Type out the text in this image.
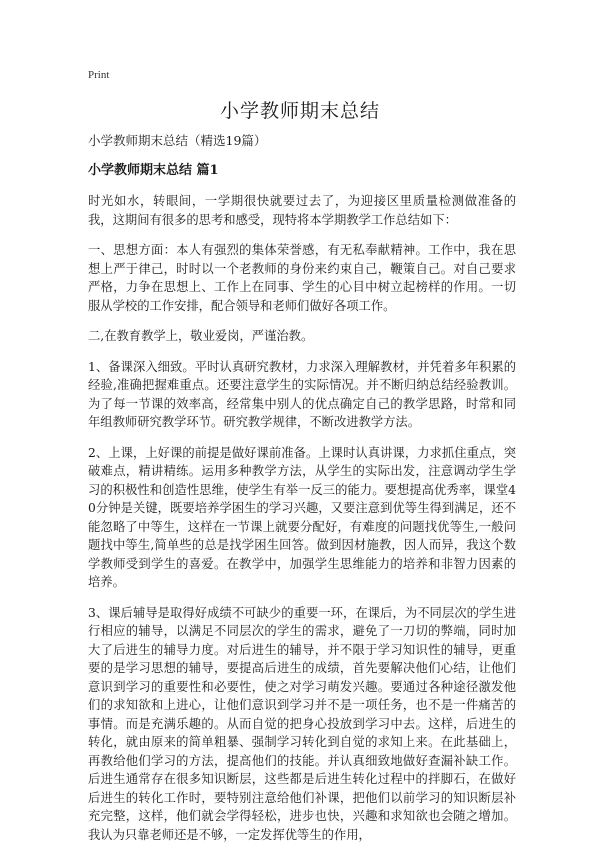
Print
小学教师期末总结

小学教师期末总结（精选19篇）

小学教师期末总结 篇1

时光如水，转眼间，一学期很快就要过去了，为迎接区里质量检测做准备的我，这期间有很多的思考和感受，现特将本学期教学工作总结如下：

一、思想方面：本人有强烈的集体荣誉感，有无私奉献精神。工作中，我在思想上严于律己，时时以一个老教师的身份来约束自己，鞭策自己。对自己要求严格，力争在思想上、工作上在同事、学生的心目中树立起榜样的作用。一切服从学校的工作安排，配合领导和老师们做好各项工作。

二,在教育教学上，敬业爱岗，严谨治教。

1、备课深入细致。平时认真研究教材，力求深入理解教材，并凭着多年积累的经验,准确把握难重点。还要注意学生的实际情况。并不断归纳总结经验教训。为了每一节课的效率高，经常集中别人的优点确定自己的教学思路，时常和同年组教师研究教学环节。研究教学规律，不断改进教学方法。

2、上课，上好课的前提是做好课前准备。上课时认真讲课，力求抓住重点，突破难点，精讲精练。运用多种教学方法，从学生的实际出发，注意调动学生学习的积极性和创造性思维，使学生有举一反三的能力。要想提高优秀率，课堂40分钟是关键，既要培养学困生的学习兴趣，又要注意到优等生得到满足，还不能忽略了中等生，这样在一节课上就要分配好，有难度的问题找优等生,一般问题找中等生,简单些的总是找学困生回答。做到因材施教，因人而异，我这个数学教师受到学生的喜爱。在教学中，加强学生思维能力的培养和非智力因素的培养。

3、课后辅导是取得好成绩不可缺少的重要一环，在课后，为不同层次的学生进行相应的辅导，以满足不同层次的学生的需求，避免了一刀切的弊端，同时加大了后进生的辅导力度。对后进生的辅导，并不限于学习知识性的辅导，更重要的是学习思想的辅导，要提高后进生的成绩，首先要解决他们心结，让他们意识到学习的重要性和必要性，使之对学习萌发兴趣。要通过各种途径激发他们的求知欲和上进心，让他们意识到学习并不是一项任务，也不是一件痛苦的事情。而是充满乐趣的。从而自觉的把身心投放到学习中去。这样，后进生的转化，就由原来的简单粗暴、强制学习转化到自觉的求知上来。在此基础上，再教给他们学习的方法，提高他们的技能。并认真细致地做好查漏补缺工作。后进生通常存在很多知识断层，这些都是后进生转化过程中的拌脚石，在做好后进生的转化工作时，要特别注意给他们补课，把他们以前学习的知识断层补充完整，这样，他们就会学得轻松，进步也快，兴趣和求知欲也会随之增加。我认为只靠老师还是不够，一定发挥优等生的作用，
